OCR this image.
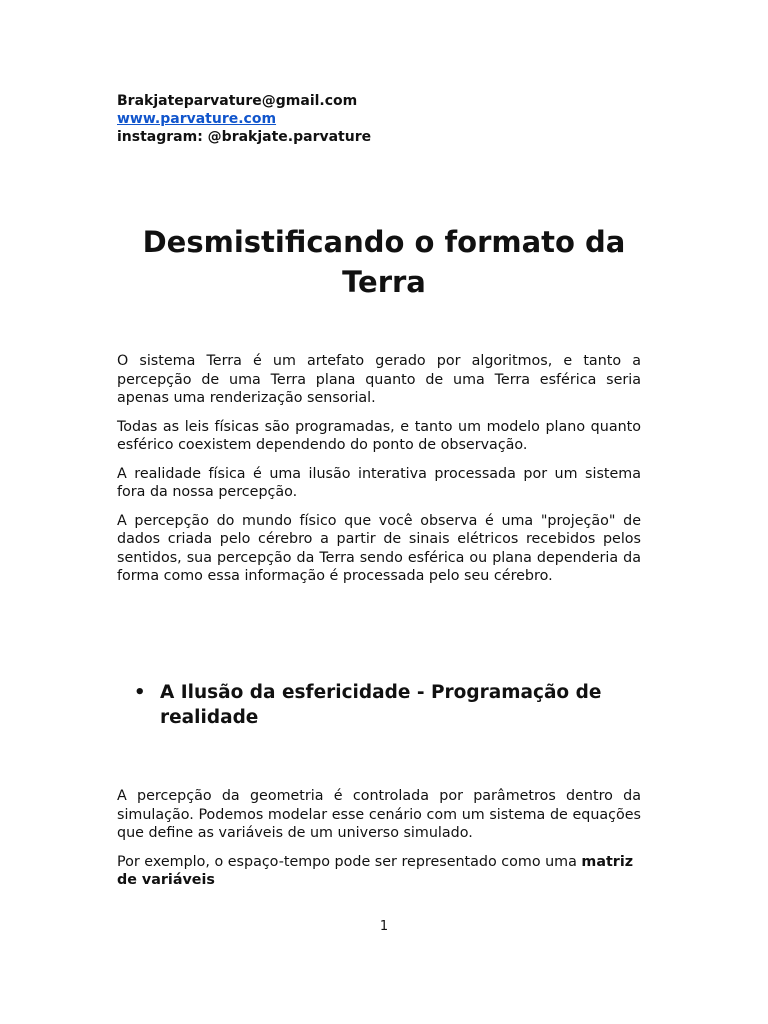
Brakjateparvature@gmail.com
www.parvature.com
instagram: @brakjate.parvature
Desmistificando o formato da
Terra

O sistema Terra é um artefato gerado por algoritmos, e tanto a percepção de uma Terra plana quanto de uma Terra esférica seria apenas uma renderização sensorial.

Todas as leis físicas são programadas, e tanto um modelo plano quanto esférico coexistem dependendo do ponto de observação.

A realidade física é uma ilusão interativa processada por um sistema fora da nossa percepção.

A percepção do mundo físico que você observa é uma "projeção" de dados criada pelo cérebro a partir de sinais elétricos recebidos pelos sentidos, sua percepção da Terra sendo esférica ou plana dependeria da forma como essa informação é processada pelo seu cérebro.

• A Ilusão da esfericidade - Programação de realidade

A percepção da geometria é controlada por parâmetros dentro da simulação. Podemos modelar esse cenário com um sistema de equações que define as variáveis de um universo simulado.

Por exemplo, o espaço-tempo pode ser representado como uma matriz de variáveis

1
